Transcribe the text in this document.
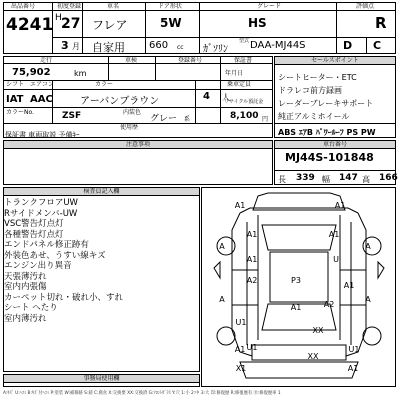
出品番号
4241
初度登録
H 27
3 月
車名
フレア
自家用
ドア形状
5W
660 cc ｶﾞｿﾘﾝ
グレード
HS
型式 DAA-MJ44S
評価点
R
D C
走行
75,902	km
車検	登録番号	保証書
年月日
シフト エアコン
IAT AAC
カラー
アーバンブラウン
乗車定員
4 人
リサイクル預託金
カラーNo.	ZSF	内装色
グレー 系	8,100 円
使用歴
保証書 車両取説 予備ｷｰ
セールスポイント
シートヒーター・ETC
ドラレコ前方録画
レーダーブレーキサポート
純正アルミホイール
ABS ｴｱB ﾊﾟﾜｰﾙｰﾌ PS PW
注意事項	車台番号
MJ44S-101848
長 339 幅 147 高 166
検査員記入欄
トランクフロアUW
Rサイドメンバ-UW
VSC警告灯点灯
各種警告灯点灯
エンドパネル修正跡有
外装色あせ、うすい線キズ
エンジン出り異音
天張薄汚れ
室内内張傷
カーペット切れ・破れ小、すれ
シート へたり
室内薄汚れ
A1	A1
A1	A1
A	A
A1	U
A2
A	A
P3
U1
A1
A1
A2
U1
XX
A1
XX
U1
X1	A1
事務局使用欄
A:ｷｽﾞ U:ﾍｺﾐ B:ｷｽﾞ付ﾍｺﾐ P:塗装 W:補修跡 S:錆 C:腐食 X:交換要 XX:交換済 G:ﾌﾛﾝﾄｶﾞﾗｽ Y:穴 1:小 2:中 3:大 印:修復歴 R:修復歴有 Ⓡ:修復歴車 1
